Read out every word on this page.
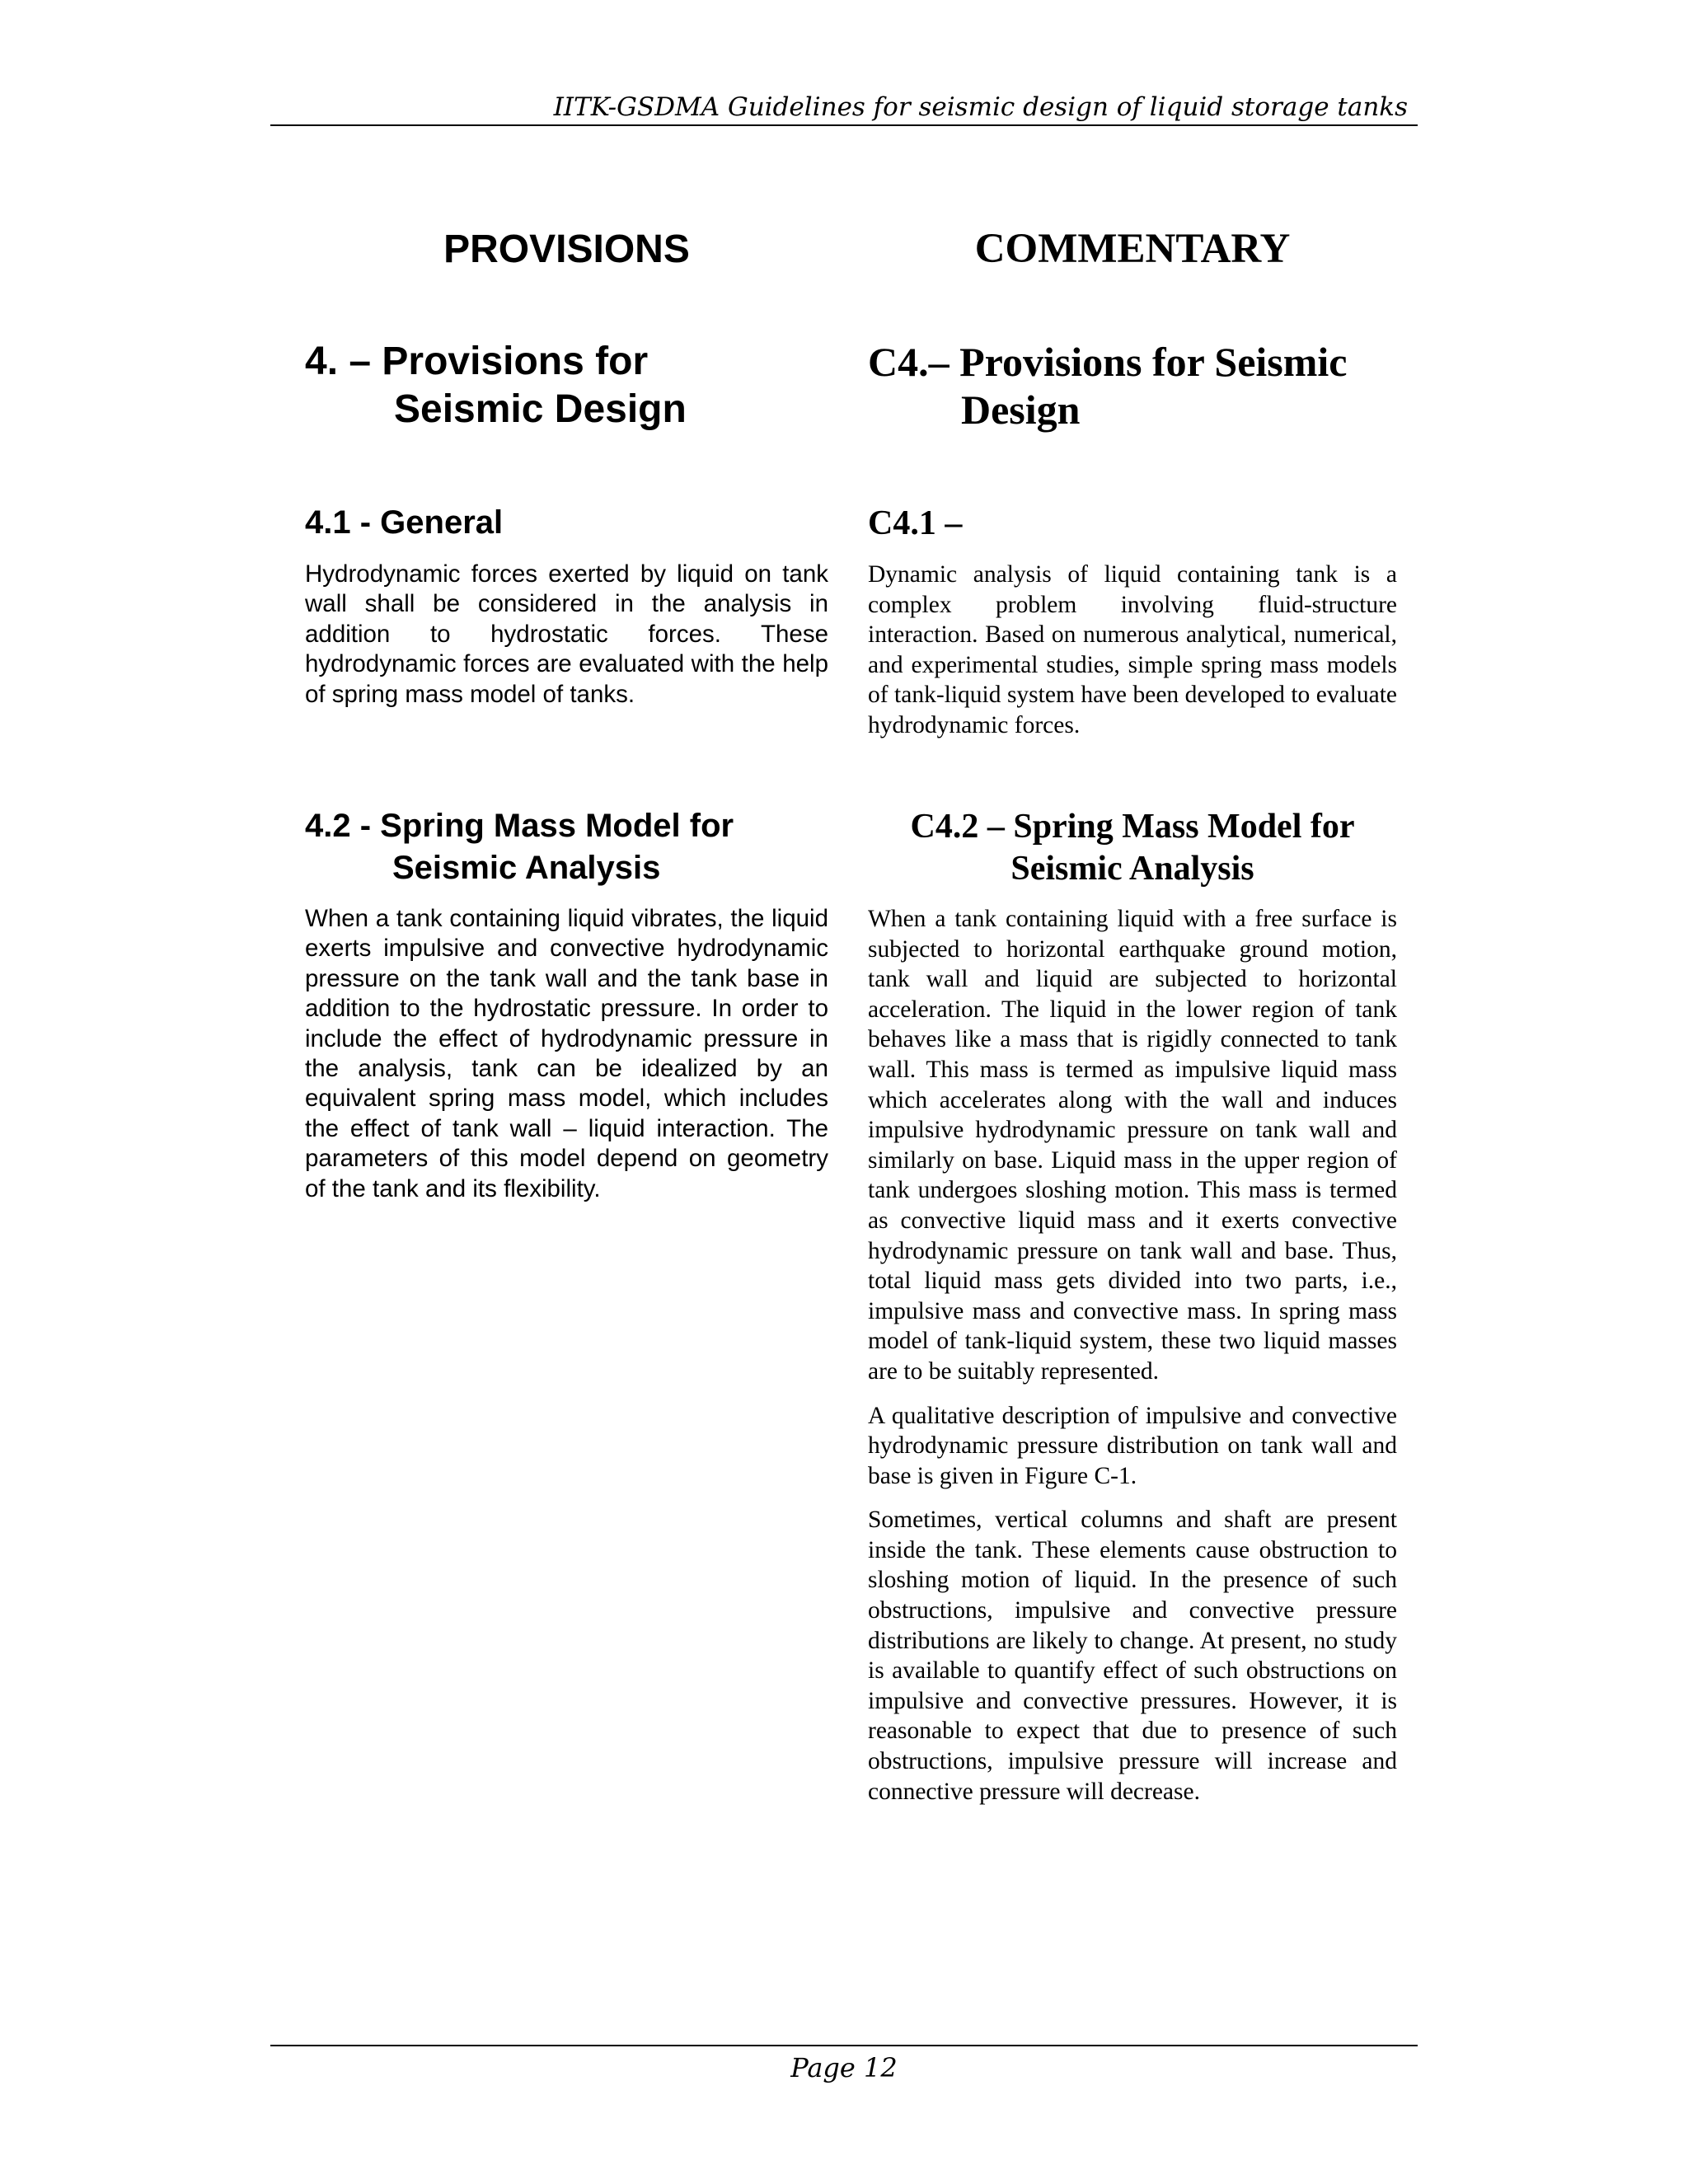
IITK-GSDMA Guidelines for seismic design of liquid storage tanks
PROVISIONS	COMMENTARY
4. – Provisions for
Seismic Design
4.1 - General

Hydrodynamic forces exerted by liquid on tank wall shall be considered in the analysis in addition to hydrostatic forces. These hydrodynamic forces are evaluated with the help of spring mass model of tanks.

4.2 - Spring Mass Model for
Seismic Analysis

When a tank containing liquid vibrates, the liquid exerts impulsive and convective hydrodynamic pressure on the tank wall and the tank base in addition to the hydrostatic pressure. In order to include the effect of hydrodynamic pressure in the analysis, tank can be idealized by an equivalent spring mass model, which includes the effect of tank wall – liquid interaction. The parameters of this model depend on geometry of the tank and its flexibility.

C4.– Provisions for Seismic
Design
C4.1 –

Dynamic analysis of liquid containing tank is a complex problem involving fluid-structure interaction. Based on numerous analytical, numerical, and experimental studies, simple spring mass models of tank-liquid system have been developed to evaluate hydrodynamic forces.

C4.2 – Spring Mass Model for
Seismic Analysis

When a tank containing liquid with a free surface is subjected to horizontal earthquake ground motion, tank wall and liquid are subjected to horizontal acceleration. The liquid in the lower region of tank behaves like a mass that is rigidly connected to tank wall. This mass is termed as impulsive liquid mass which accelerates along with the wall and induces impulsive hydrodynamic pressure on tank wall and similarly on base. Liquid mass in the upper region of tank undergoes sloshing motion. This mass is termed as convective liquid mass and it exerts convective hydrodynamic pressure on tank wall and base. Thus, total liquid mass gets divided into two parts, i.e., impulsive mass and convective mass. In spring mass model of tank-liquid system, these two liquid masses are to be suitably represented.

A qualitative description of impulsive and convective hydrodynamic pressure distribution on tank wall and base is given in Figure C-1.

Sometimes, vertical columns and shaft are present inside the tank. These elements cause obstruction to sloshing motion of liquid. In the presence of such obstructions, impulsive and convective pressure distributions are likely to change. At present, no study is available to quantify effect of such obstructions on impulsive and convective pressures. However, it is reasonable to expect that due to presence of such obstructions, impulsive pressure will increase and connective pressure will decrease.

Page 12
